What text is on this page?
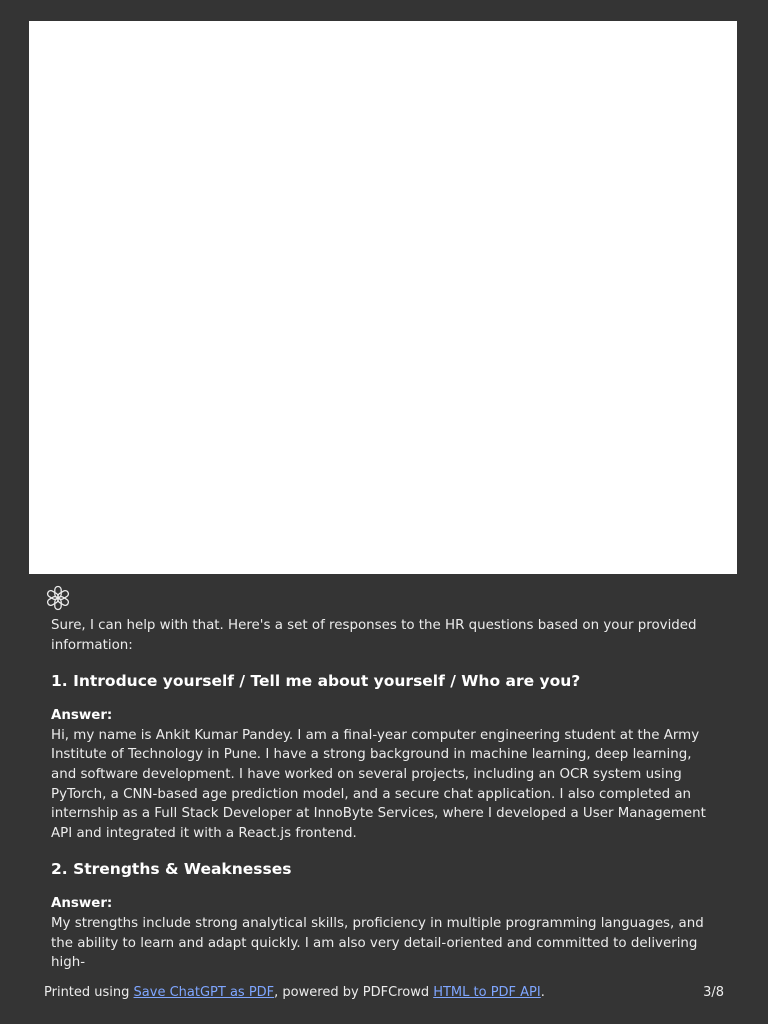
Sure, I can help with that. Here's a set of responses to the HR questions based on your provided information:

1. Introduce yourself / Tell me about yourself / Who are you?

Answer:

Hi, my name is Ankit Kumar Pandey. I am a final-year computer engineering student at the Army Institute of Technology in Pune. I have a strong background in machine learning, deep learning, and software development. I have worked on several projects, including an OCR system using PyTorch, a CNN-based age prediction model, and a secure chat application. I also completed an internship as a Full Stack Developer at InnoByte Services, where I developed a User Management API and integrated it with a React.js frontend.

2. Strengths & Weaknesses

Answer:

My strengths include strong analytical skills, proficiency in multiple programming languages, and the ability to learn and adapt quickly. I am also very detail-oriented and committed to delivering high-

Printed using Save ChatGPT as PDF, powered by PDFCrowd HTML to PDF API.	3/8
